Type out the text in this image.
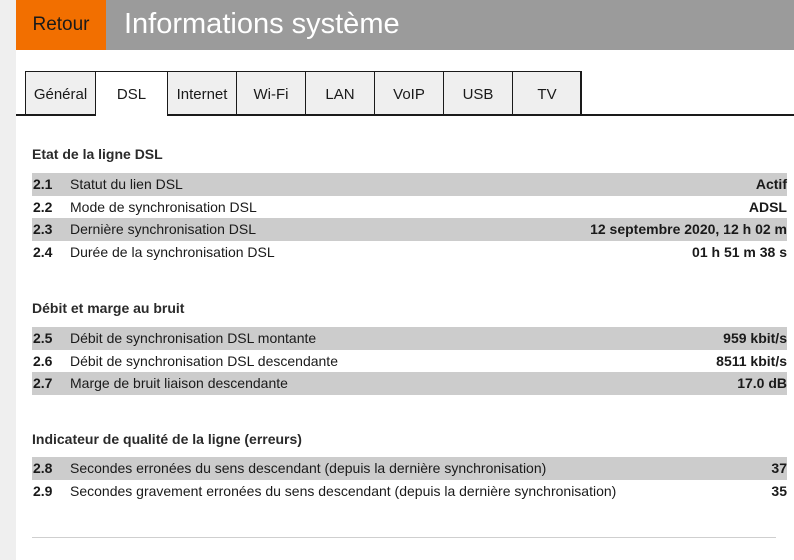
Retour	Informations système
Général	DSL	Internet	Wi-Fi	LAN	VoIP	USB	TV
Etat de la ligne DSL
2.1 Statut du lien DSL	Actif
2.2 Mode de synchronisation DSL	ADSL
2.3 Dernière synchronisation DSL	12 septembre 2020, 12 h 02 m
2.4 Durée de la synchronisation DSL	01 h 51 m 38 s
Débit et marge au bruit
2.5 Débit de synchronisation DSL montante	959 kbit/s
2.6 Débit de synchronisation DSL descendante	8511 kbit/s
2.7 Marge de bruit liaison descendante	17.0 dB
Indicateur de qualité de la ligne (erreurs)
2.8 Secondes erronées du sens descendant (depuis la dernière synchronisation)	37
2.9 Secondes gravement erronées du sens descendant (depuis la dernière synchronisation)	35
